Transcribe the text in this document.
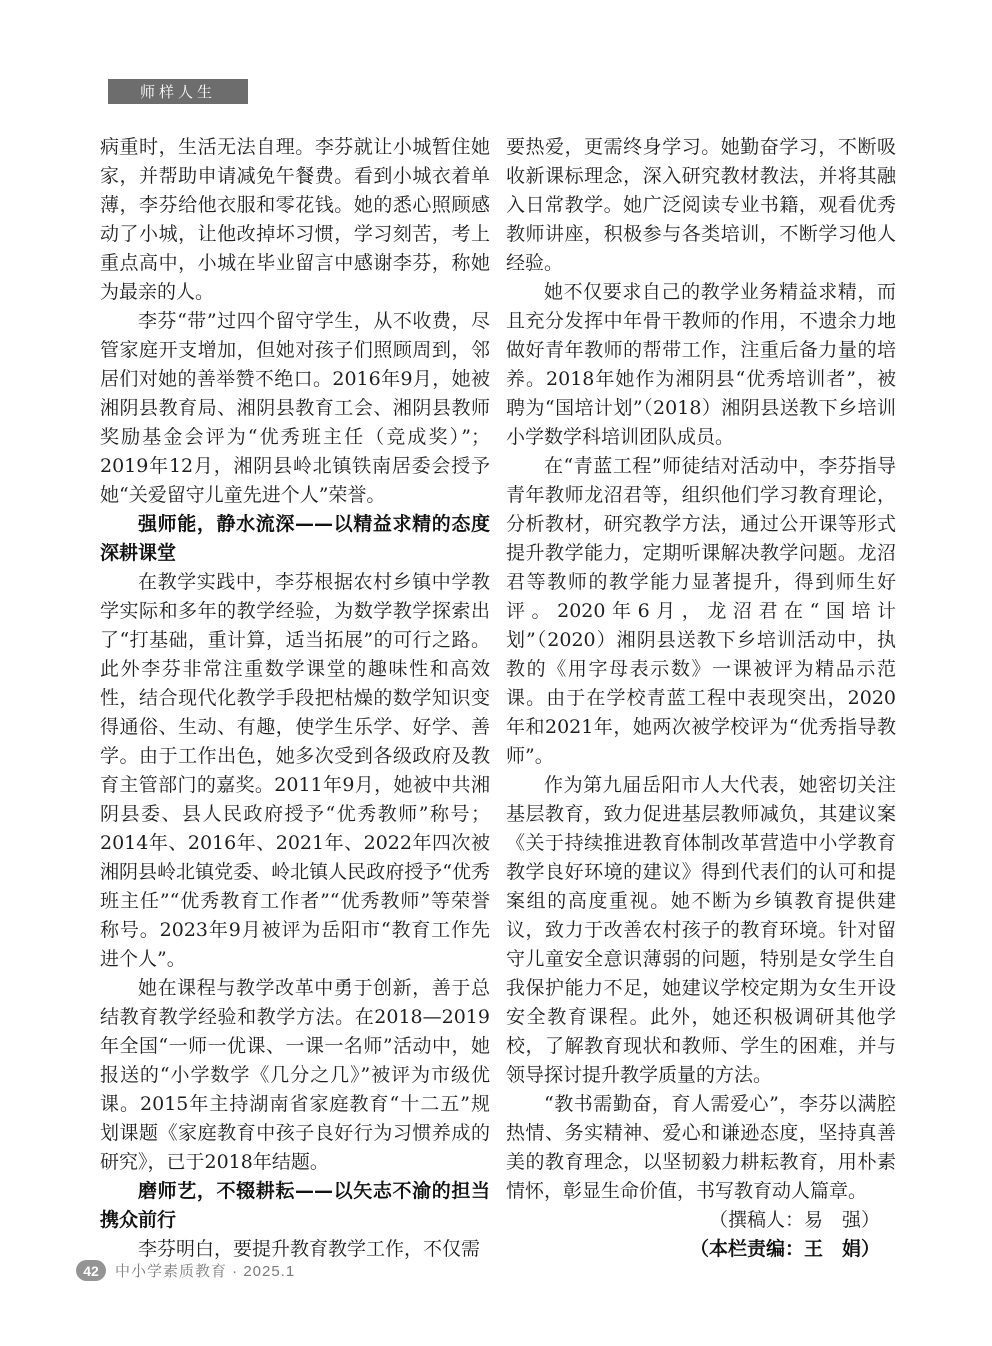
师样人生

病重时，生活无法自理。李芬就让小城暂住她家，并帮助申请减免午餐费。看到小城衣着单薄，李芬给他衣服和零花钱。她的悉心照顾感动了小城，让他改掉坏习惯，学习刻苦，考上重点高中，小城在毕业留言中感谢李芬，称她为最亲的人。

李芬“带”过四个留守学生，从不收费，尽管家庭开支增加，但她对孩子们照顾周到，邻居们对她的善举赞不绝口。2016年9月，她被湘阴县教育局、湘阴县教育工会、湘阴县教师奖励基金会评为“优秀班主任（竞成奖）”；2019年12月，湘阴县岭北镇铁南居委会授予她“关爱留守儿童先进个人”荣誉。

强师能，静水流深——以精益求精的态度深耕课堂

在教学实践中，李芬根据农村乡镇中学教学实际和多年的教学经验，为数学教学探索出了“打基础，重计算，适当拓展”的可行之路。此外李芬非常注重数学课堂的趣味性和高效性，结合现代化教学手段把枯燥的数学知识变得通俗、生动、有趣，使学生乐学、好学、善学。由于工作出色，她多次受到各级政府及教育主管部门的嘉奖。2011年9月，她被中共湘阴县委、县人民政府授予“优秀教师”称号；2014年、2016年、2021年、2022年四次被湘阴县岭北镇党委、岭北镇人民政府授予“优秀班主任”“优秀教育工作者”“优秀教师”等荣誉称号。2023年9月被评为岳阳市“教育工作先进个人”。

她在课程与教学改革中勇于创新，善于总结教育教学经验和教学方法。在2018—2019年全国“一师一优课、一课一名师”活动中，她报送的“小学数学《几分之几》”被评为市级优课。2015年主持湖南省家庭教育“十二五”规划课题《家庭教育中孩子良好行为习惯养成的研究》，已于2018年结题。

磨师艺，不辍耕耘——以矢志不渝的担当携众前行

李芬明白，要提升教育教学工作，不仅需

要热爱，更需终身学习。她勤奋学习，不断吸收新课标理念，深入研究教材教法，并将其融入日常教学。她广泛阅读专业书籍，观看优秀教师讲座，积极参与各类培训，不断学习他人经验。

她不仅要求自己的教学业务精益求精，而且充分发挥中年骨干教师的作用，不遗余力地做好青年教师的帮带工作，注重后备力量的培养。2018年她作为湘阴县“优秀培训者”，被聘为“国培计划”（2018）湘阴县送教下乡培训小学数学科培训团队成员。

在“青蓝工程”师徒结对活动中，李芬指导青年教师龙沼君等，组织他们学习教育理论，分析教材，研究教学方法，通过公开课等形式提升教学能力，定期听课解决教学问题。龙沼君等教师的教学能力显著提升，得到师生好评。2020年6月，龙沼君在“国培计划”（2020）湘阴县送教下乡培训活动中，执教的《用字母表示数》一课被评为精品示范课。由于在学校青蓝工程中表现突出，2020年和2021年，她两次被学校评为“优秀指导教师”。

作为第九届岳阳市人大代表，她密切关注基层教育，致力促进基层教师减负，其建议案《关于持续推进教育体制改革营造中小学教育教学良好环境的建议》得到代表们的认可和提案组的高度重视。她不断为乡镇教育提供建议，致力于改善农村孩子的教育环境。针对留守儿童安全意识薄弱的问题，特别是女学生自我保护能力不足，她建议学校定期为女生开设安全教育课程。此外，她还积极调研其他学校，了解教育现状和教师、学生的困难，并与领导探讨提升教学质量的方法。

“教书需勤奋，育人需爱心”，李芬以满腔热情、务实精神、爱心和谦逊态度，坚持真善美的教育理念，以坚韧毅力耕耘教育，用朴素情怀，彰显生命价值，书写教育动人篇章。

（撰稿人：易　强）

（本栏责编：王　娟）

42	中小学素质教育 · 2025.1
